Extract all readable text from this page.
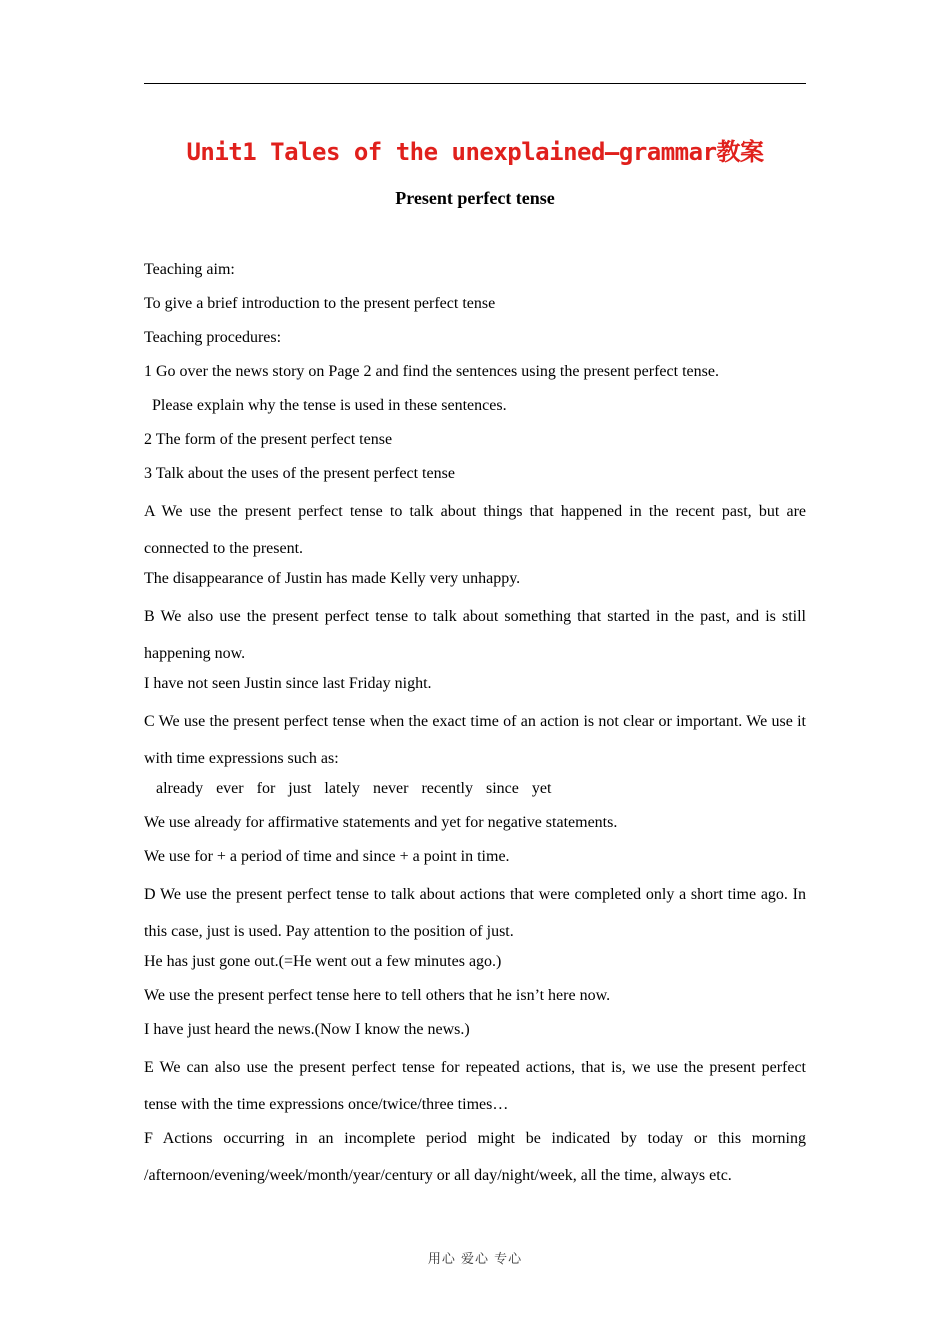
Unit1 Tales of the unexplained—grammar教案
Present perfect tense
Teaching aim:
To give a brief introduction to the present perfect tense
Teaching procedures:
1 Go over the news story on Page 2 and find the sentences using the present perfect tense.
Please explain why the tense is used in these sentences.
2 The form of the present perfect tense
3 Talk about the uses of the present perfect tense
A We use the present perfect tense to talk about things that happened in the recent past, but are connected to the present.
The disappearance of Justin has made Kelly very unhappy.
B We also use the present perfect tense to talk about something that started in the past, and is still happening now.
I have not seen Justin since last Friday night.
C We use the present perfect tense when the exact time of an action is not clear or important. We use it with time expressions such as:
already ever for just lately never recently since yet
We use already for affirmative statements and yet for negative statements.
We use for + a period of time and since + a point in time.
D We use the present perfect tense to talk about actions that were completed only a short time ago. In this case, just is used. Pay attention to the position of just.
He has just gone out.(=He went out a few minutes ago.)
We use the present perfect tense here to tell others that he isn’t here now.
I have just heard the news.(Now I know the news.)
E We can also use the present perfect tense for repeated actions, that is, we use the present perfect tense with the time expressions once/twice/three times…
F Actions occurring in an incomplete period might be indicated by today or this morning /afternoon/evening/week/month/year/century or all day/night/week, all the time, always etc.
用心 爱心 专心
